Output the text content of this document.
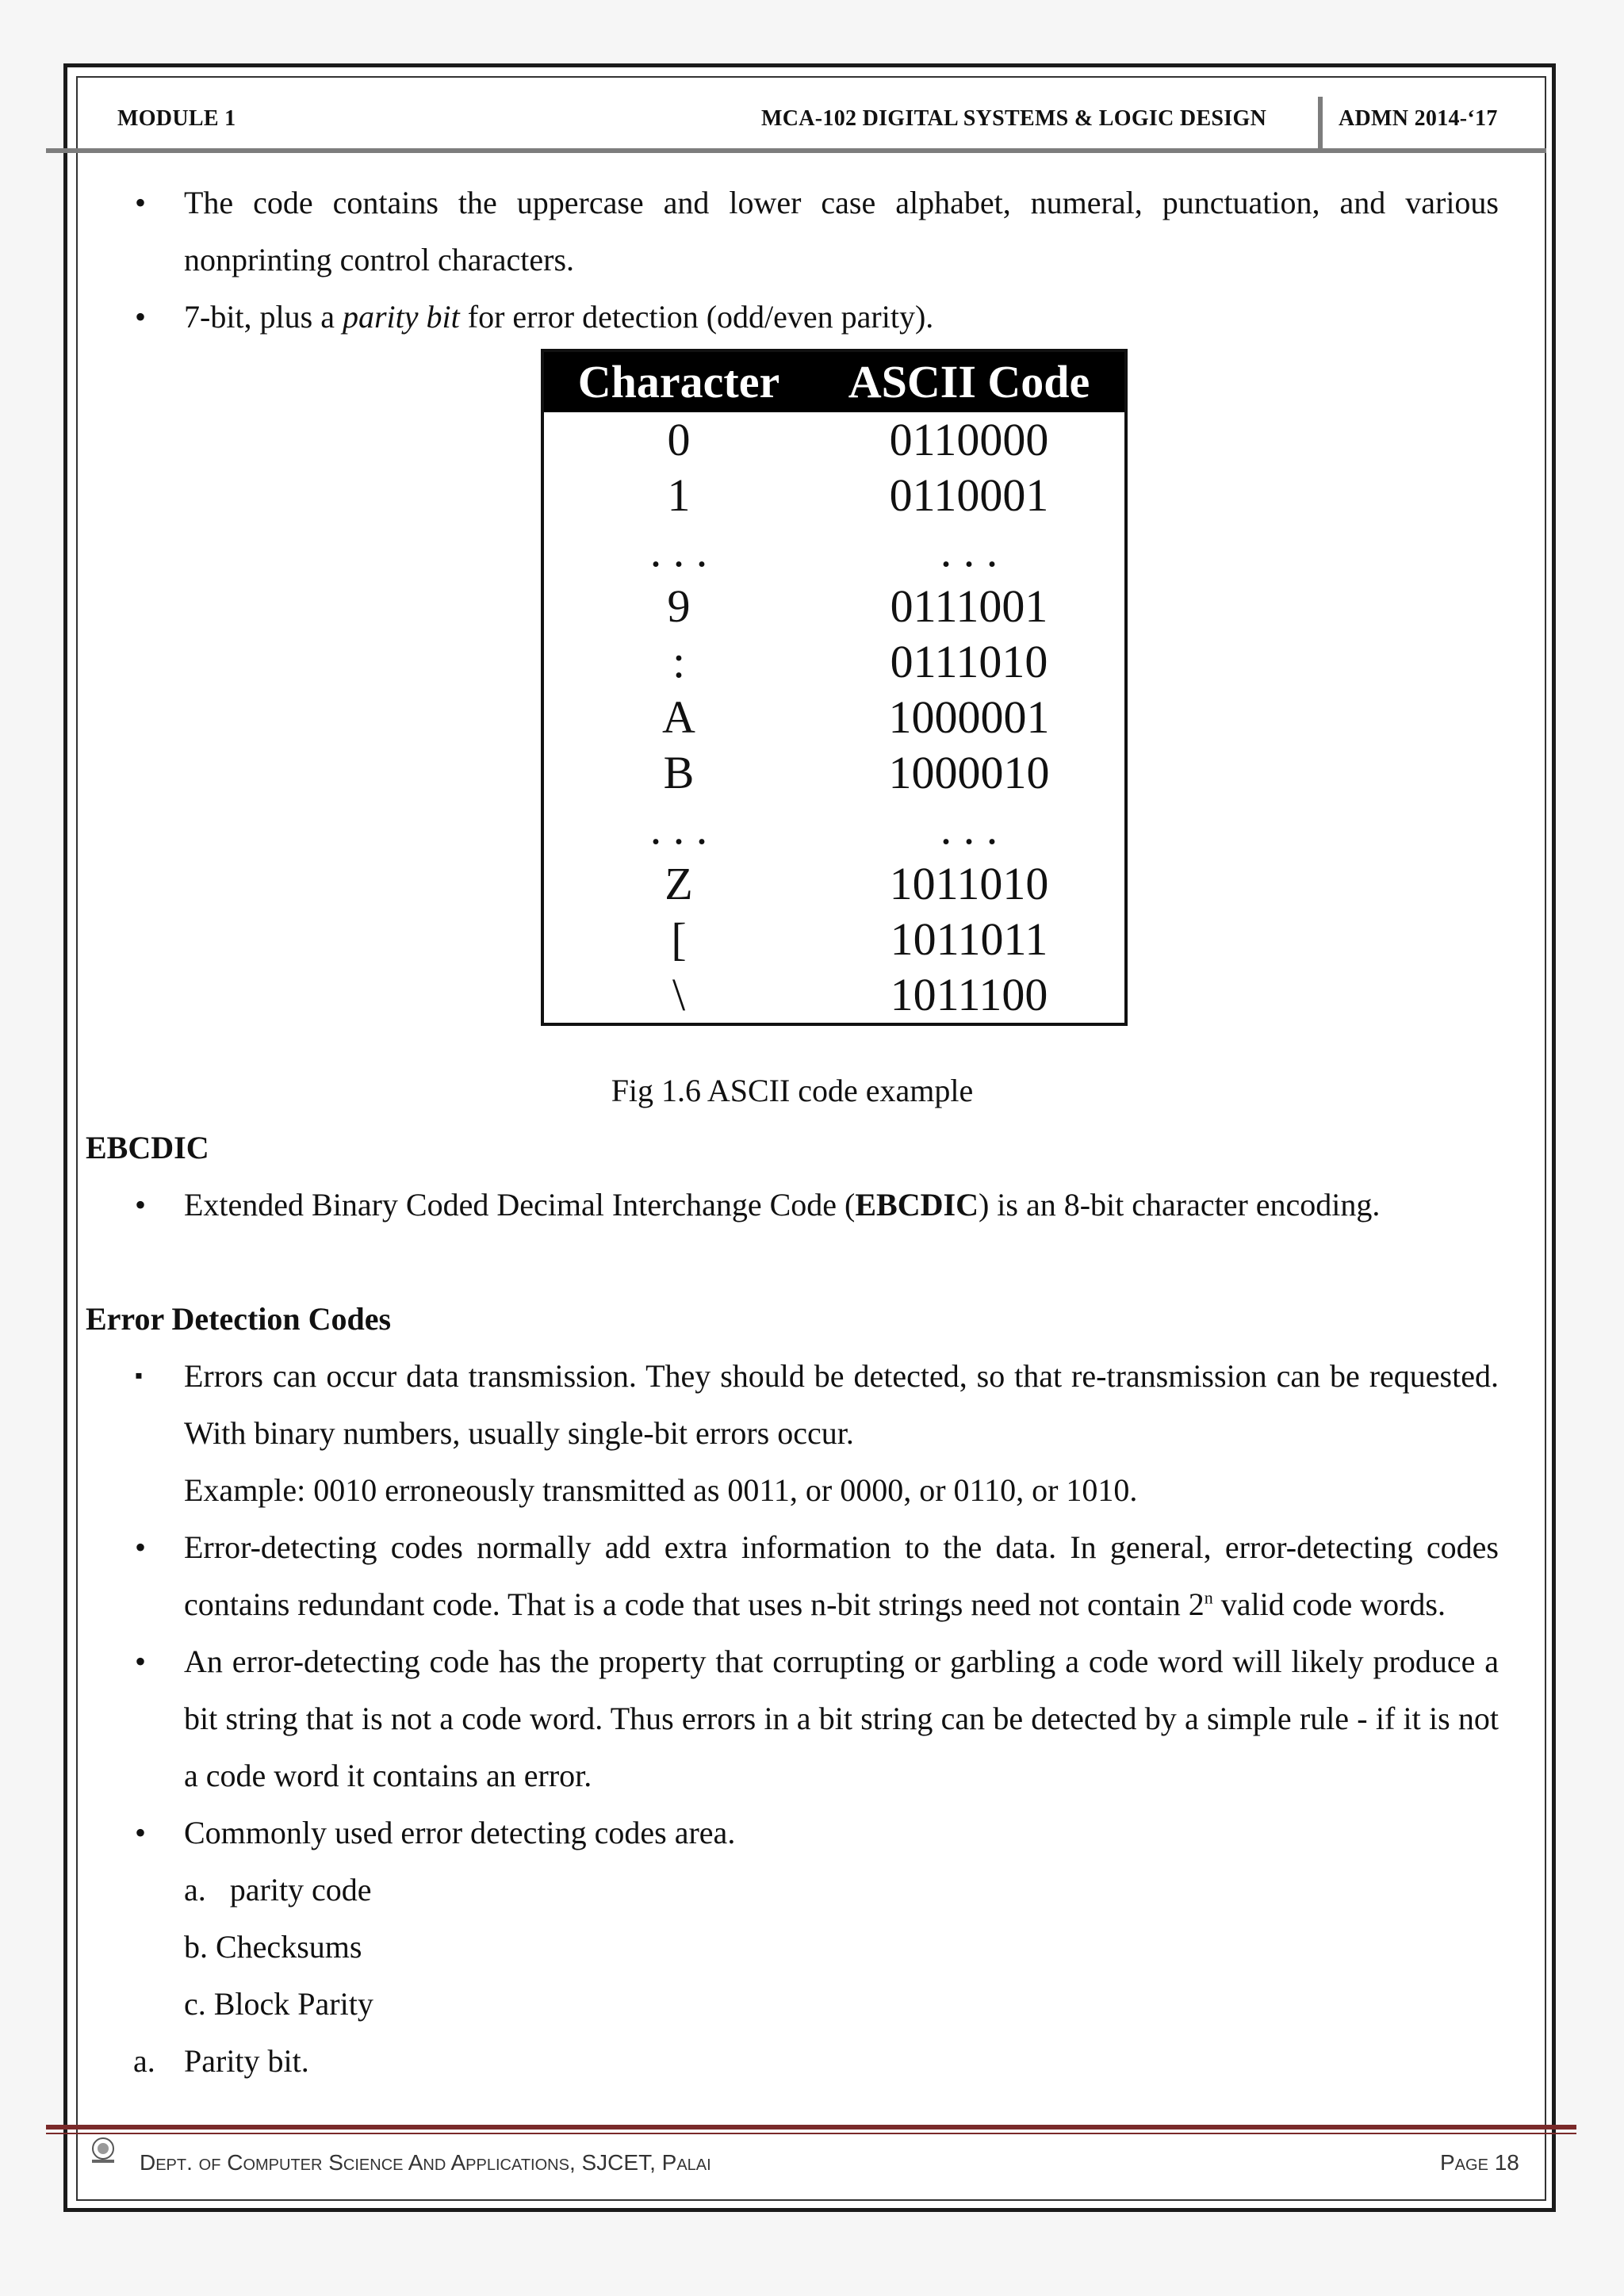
MODULE 1	MCA-102 DIGITAL SYSTEMS & LOGIC DESIGN	ADMN 2014-‘17
• The code contains the uppercase and lower case alphabet, numeral, punctuation, and various nonprinting control characters.
• 7-bit, plus a parity bit for error detection (odd/even parity).
Character	ASCII Code
0	0110000
1	0110001
. . .	. . .
9	0111001
:	0111010
A	1000001
B	1000010
. . .	. . .
Z	1011010
[	1011011
\	1011100
Fig 1.6 ASCII code example
EBCDIC
• Extended Binary Coded Decimal Interchange Code (EBCDIC) is an 8-bit character encoding.
Error Detection Codes
▪ Errors can occur data transmission. They should be detected, so that re-transmission can be requested. With binary numbers, usually single-bit errors occur.
Example: 0010 erroneously transmitted as 0011, or 0000, or 0110, or 1010.
• Error-detecting codes normally add extra information to the data. In general, error-detecting codes contains redundant code. That is a code that uses n-bit strings need not contain 2$^n$ valid code words.
• An error-detecting code has the property that corrupting or garbling a code word will likely produce a bit string that is not a code word. Thus errors in a bit string can be detected by a simple rule - if it is not a code word it contains an error.
• Commonly used error detecting codes area.
a.   parity code
b. Checksums
c. Block Parity
a. Parity bit.
Dept. of Computer Science And Applications, SJCET, Palai	Page 18
